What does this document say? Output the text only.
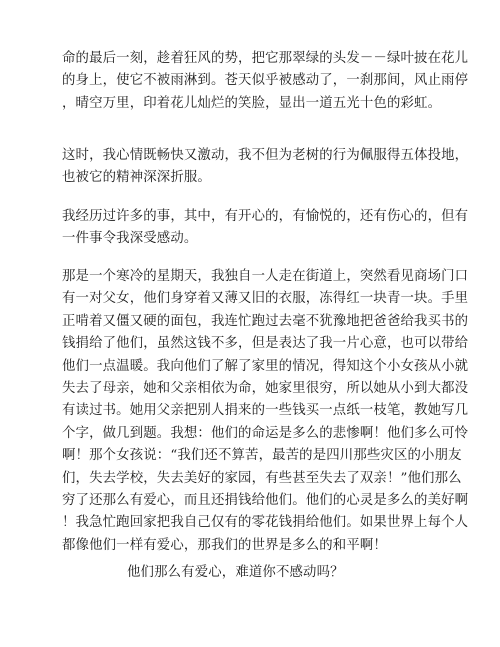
命的最后一刻，趁着狂风的势，把它那翠绿的头发－－绿叶披在花儿
的身上，使它不被雨淋到。苍天似乎被感动了，一刹那间，风止雨停
，晴空万里，印着花儿灿烂的笑脸，显出一道五光十色的彩虹。
这时，我心情既畅快又激动，我不但为老树的行为佩服得五体投地，
也被它的精神深深折服。
我经历过许多的事，其中，有开心的，有愉悦的，还有伤心的，但有
一件事令我深受感动。
那是一个寒冷的星期天，我独自一人走在街道上，突然看见商场门口
有一对父女，他们身穿着又薄又旧的衣服，冻得红一块青一块。手里
正啃着又僵又硬的面包，我连忙跑过去毫不犹豫地把爸爸给我买书的
钱捐给了他们，虽然这钱不多，但是表达了我一片心意，也可以带给
他们一点温暖。我向他们了解了家里的情况，得知这个小女孩从小就
失去了母亲，她和父亲相依为命，她家里很穷，所以她从小到大都没
有读过书。她用父亲把别人捐来的一些钱买一点纸一枝笔，教她写几
个字，做几到题。我想：他们的命运是多么的悲惨啊！他们多么可怜
啊！那个女孩说：“我们还不算苦，最苦的是四川那些灾区的小朋友
们，失去学校，失去美好的家园，有些甚至失去了双亲！”他们那么
穷了还那么有爱心，而且还捐钱给他们。他们的心灵是多么的美好啊
！我急忙跑回家把我自己仅有的零花钱捐给他们。如果世界上每个人
都像他们一样有爱心，那我们的世界是多么的和平啊！
他们那么有爱心，难道你不感动吗？
